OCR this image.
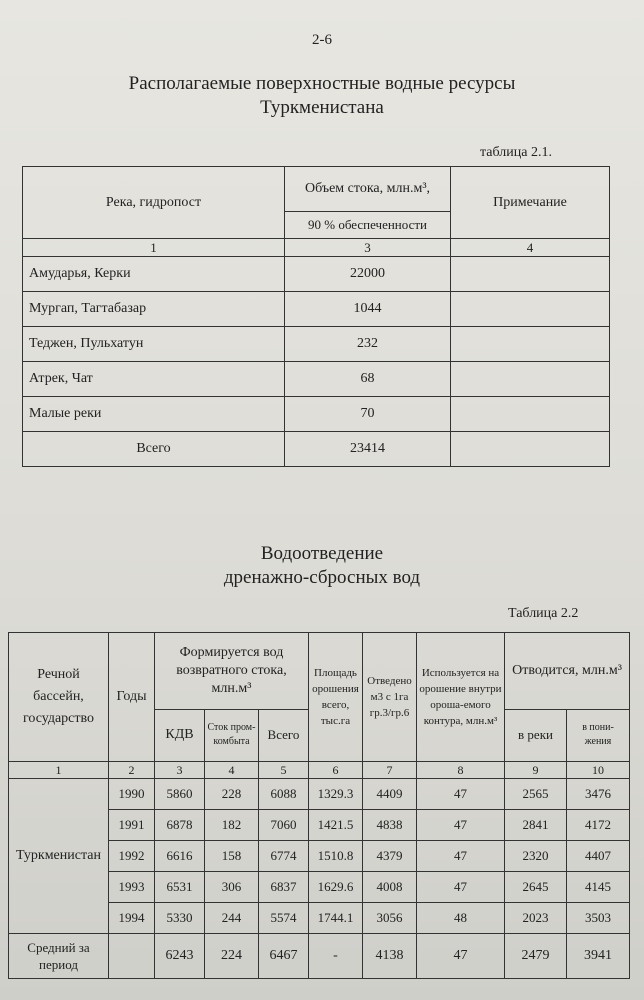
2-6
Располагаемые поверхностные водные ресурсы
Туркменистана
таблица 2.1.
Река, гидропост	Объем стока, млн.м³,	Примечание
	90 % обеспеченности	
1	3	4
Амударья, Керки	22000	
Мургап, Тагтабазар	1044	
Теджен, Пульхатун	232	
Атрек, Чат	68	
Малые реки	70	
Всего	23414	
Водоотведение
дренажно-сбросных вод
Таблица 2.2
Речной бассейн, государство	Годы	Формируется вод возвратного стока, млн.м³			Площадь орошения всего, тыс.га	Отведено м3 с 1га гр.3/гр.6	Используется на орошение внутри ороша-емого контура, млн.м³	Отводится, млн.м³	
		КДВ	Сток пром-комбыта	Всего				в реки	в пони-жения
1	2	3	4	5	6	7	8	9	10
Туркменистан	1990	5860	228	6088	1329.3	4409	47	2565	3476
	1991	6878	182	7060	1421.5	4838	47	2841	4172
	1992	6616	158	6774	1510.8	4379	47	2320	4407
	1993	6531	306	6837	1629.6	4008	47	2645	4145
	1994	5330	244	5574	1744.1	3056	48	2023	3503
Средний за период		6243	224	6467	-	4138	47	2479	3941
